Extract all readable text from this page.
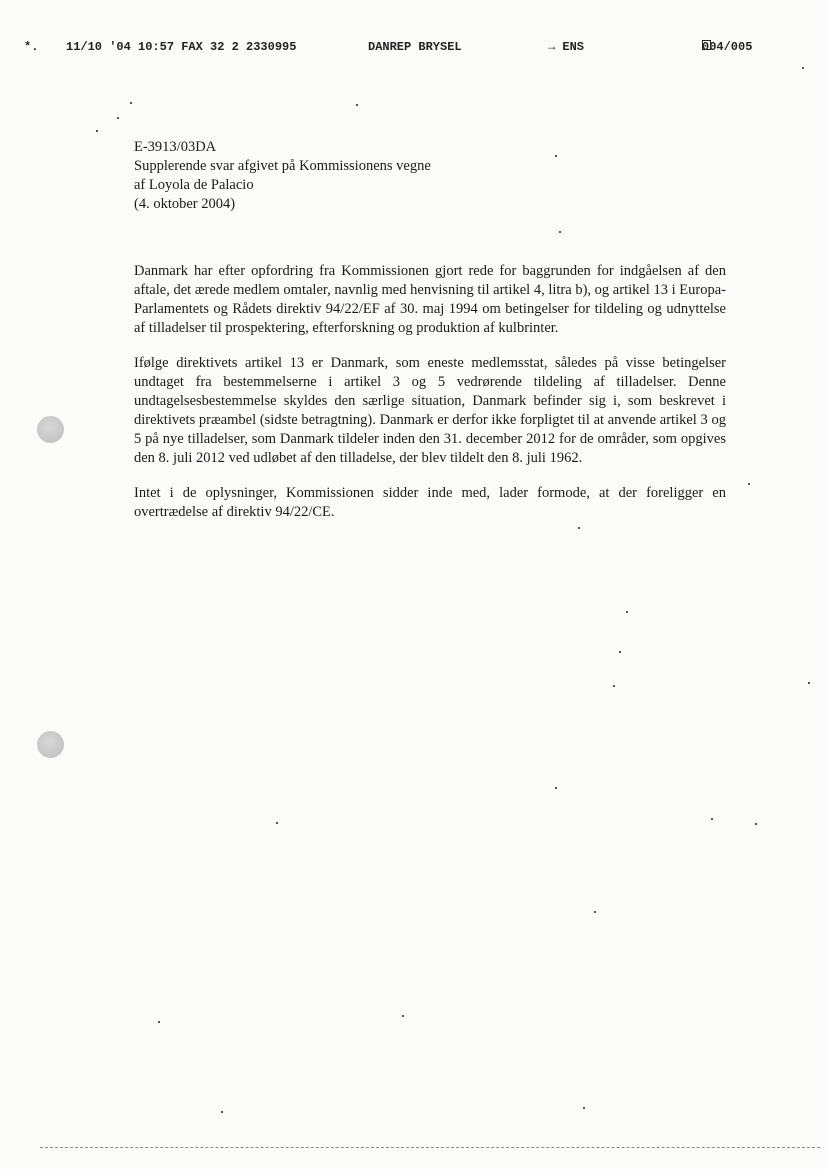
*. 11/10 '04 10:57 FAX 32 2 2330995	DANREP BRYSEL	→ ENS	004/005
E-3913/03DA
Supplerende svar afgivet på Kommissionens vegne
af Loyola de Palacio
(4. oktober 2004)

Danmark har efter opfordring fra Kommissionen gjort rede for baggrunden for indgåelsen af den aftale, det ærede medlem omtaler, navnlig med henvisning til artikel 4, litra b), og artikel 13 i Europa-Parlamentets og Rådets direktiv 94/22/EF af 30. maj 1994 om betingelser for tildeling og udnyttelse af tilladelser til prospektering, efterforskning og produktion af kulbrinter.

Ifølge direktivets artikel 13 er Danmark, som eneste medlemsstat, således på visse betingelser undtaget fra bestemmelserne i artikel 3 og 5 vedrørende tildeling af tilladelser. Denne undtagelsesbestemmelse skyldes den særlige situation, Danmark befinder sig i, som beskrevet i direktivets præambel (sidste betragtning). Danmark er derfor ikke forpligtet til at anvende artikel 3 og 5 på nye tilladelser, som Danmark tildeler inden den 31. december 2012 for de områder, som opgives den 8. juli 2012 ved udløbet af den tilladelse, der blev tildelt den 8. juli 1962.

Intet i de oplysninger, Kommissionen sidder inde med, lader formode, at der foreligger en overtrædelse af direktiv 94/22/CE.
